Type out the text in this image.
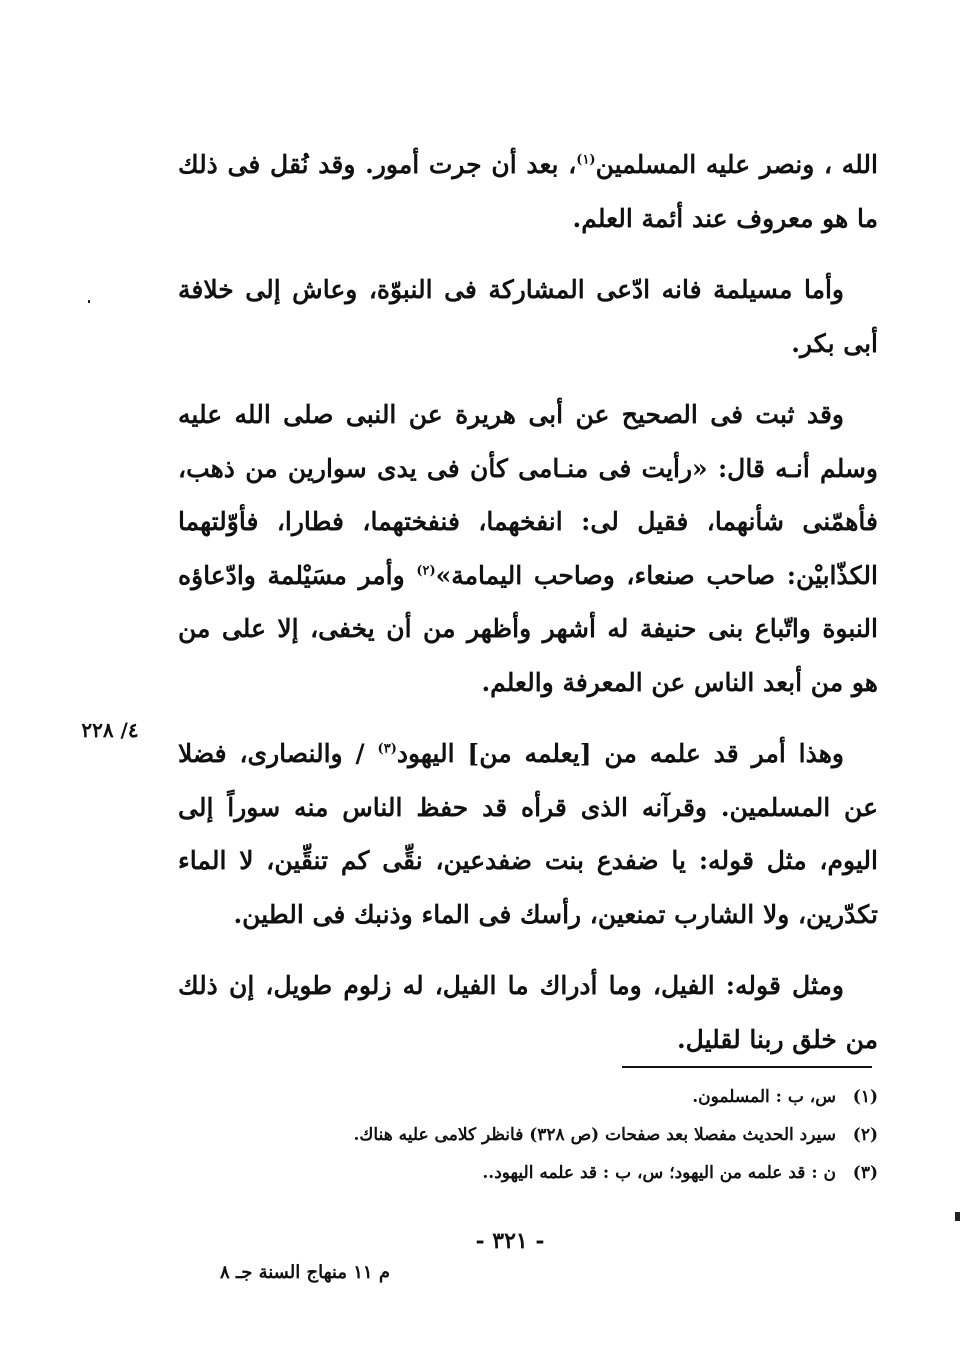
الله ، ونصر عليه المسلمين$^{(١)}$، بعد أن جرت أمور. وقد نُقل فى ذلك ما هو معروف عند أئمة العلم.

وأما مسيلمة فانه ادّعى المشاركة فى النبوّة، وعاش إلى خلافة أبى بكر.

وقد ثبت فى الصحيح عن أبى هريرة عن النبى صلى الله عليه وسلم أنـه قال: «رأيت فى منـامى كأن فى يدى سوارين من ذهب، فأهمّنى شأنهما، فقيل لى: انفخهما، فنفختهما، فطارا، فأوّلتهما الكذّابيْن: صاحب صنعاء، وصاحب اليمامة»$^{(٢)}$ وأمر مسَيْلمة وادّعاؤه النبوة واتّباع بنى حنيفة له أشهر وأظهر من أن يخفى، إلا على من هو من أبعد الناس عن المعرفة والعلم.

وهذا أمر قد علمه من [يعلمه من] اليهود$^{(٣)}$ / والنصارى، فضلا عن المسلمين. وقرآنه الذى قرأه قد حفظ الناس منه سوراً إلى اليوم، مثل قوله: يا ضفدع بنت ضفدعين، نقِّى كم تنقِّين، لا الماء تكدّرين، ولا الشارب تمنعين، رأسك فى الماء وذنبك فى الطين.

ومثل قوله: الفيل، وما أدراك ما الفيل، له زلوم طويل، إن ذلك من خلق ربنا لقليل.

٤/ ٢٢٨
(١)س، ب : المسلمون.
(٢)سيرد الحديث مفصلا بعد صفحات (ص ٣٢٨) فانظر كلامى عليه هناك.
(٣)ن : قد علمه من اليهود؛ س، ب : قد علمه اليهود..
- ٣٢١ -
م ١١ منهاج السنة جـ ٨
